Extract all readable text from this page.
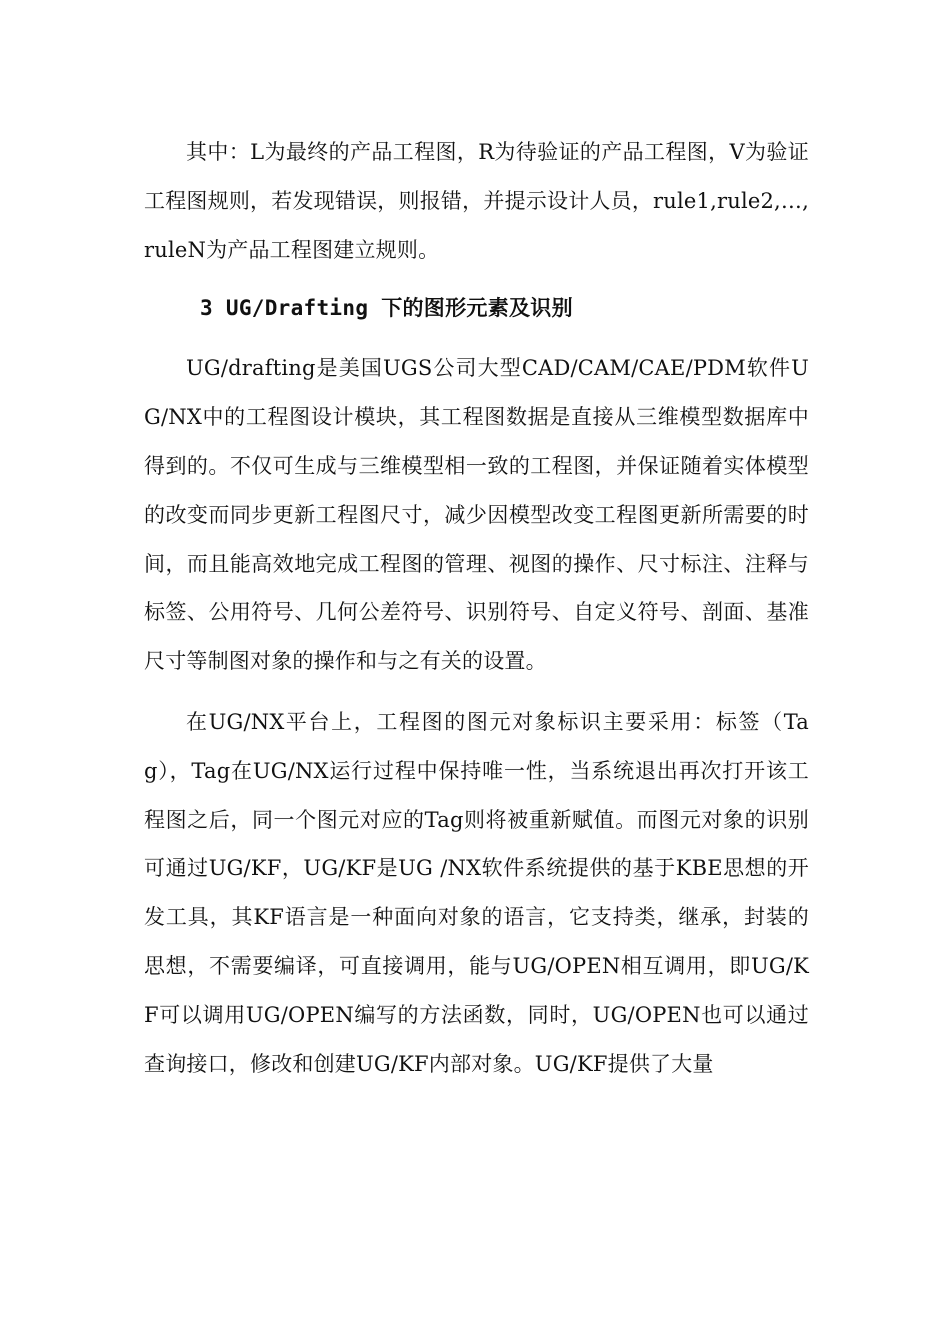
其中：L为最终的产品工程图，R为待验证的产品工程图，V为验证工程图规则，若发现错误，则报错，并提示设计人员，rule1,rule2,…,ruleN为产品工程图建立规则。

3 UG/Drafting 下的图形元素及识别

UG/drafting是美国UGS公司大型CAD/CAM/CAE/PDM软件UG/NX中的工程图设计模块，其工程图数据是直接从三维模型数据库中得到的。不仅可生成与三维模型相一致的工程图，并保证随着实体模型的改变而同步更新工程图尺寸，减少因模型改变工程图更新所需要的时间，而且能高效地完成工程图的管理、视图的操作、尺寸标注、注释与标签、公用符号、几何公差符号、识别符号、自定义符号、剖面、基准尺寸等制图对象的操作和与之有关的设置。

在UG/NX平台上，工程图的图元对象标识主要采用：标签（Tag），Tag在UG/NX运行过程中保持唯一性，当系统退出再次打开该工程图之后，同一个图元对应的Tag则将被重新赋值。而图元对象的识别可通过UG/KF，UG/KF是UG /NX软件系统提供的基于KBE思想的开发工具，其KF语言是一种面向对象的语言，它支持类，继承，封装的思想，不需要编译，可直接调用，能与UG/OPEN相互调用，即UG/KF可以调用UG/OPEN编写的方法函数，同时，UG/OPEN也可以通过查询接口，修改和创建UG/KF内部对象。UG/KF提供了大量
